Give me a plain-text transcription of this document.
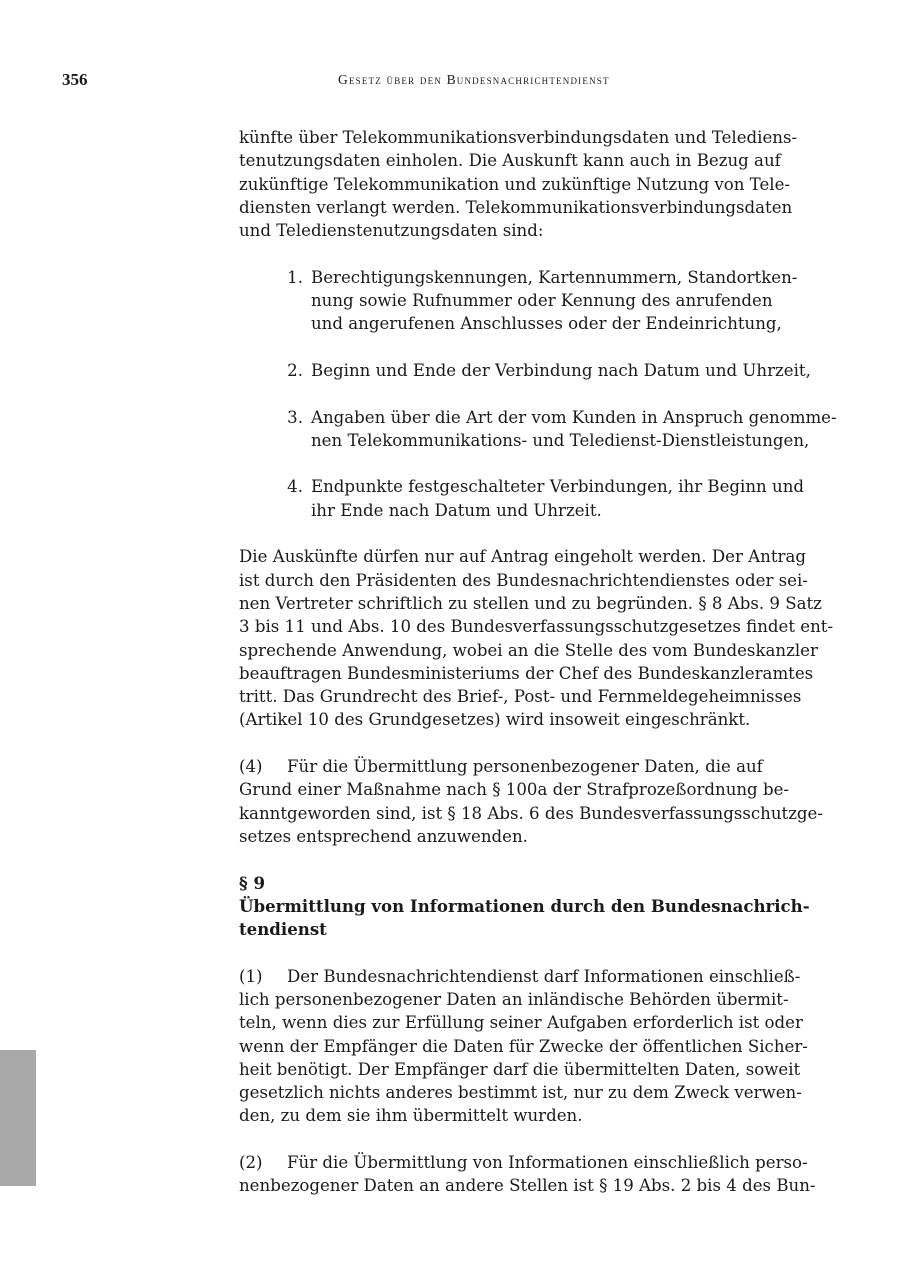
356	Gesetz über den Bundesnachrichtendienst
künfte über Telekommunikationsverbindungsdaten und Telediens-
tenutzungsdaten einholen. Die Auskunft kann auch in Bezug auf
zukünftige Telekommunikation und zukünftige Nutzung von Tele-
diensten verlangt werden. Telekommunikationsverbindungsdaten
und Teledienstenutzungsdaten sind:
1. Berechtigungskennungen, Kartennummern, Standortken-
nung sowie Rufnummer oder Kennung des anrufenden
und angerufenen Anschlusses oder der Endeinrichtung,
2. Beginn und Ende der Verbindung nach Datum und Uhrzeit,
3. Angaben über die Art der vom Kunden in Anspruch genomme-
nen Telekommunikations- und Teledienst-Dienstleistungen,
4. Endpunkte festgeschalteter Verbindungen, ihr Beginn und
ihr Ende nach Datum und Uhrzeit.
Die Auskünfte dürfen nur auf Antrag eingeholt werden. Der Antrag
ist durch den Präsidenten des Bundesnachrichtendienstes oder sei-
nen Vertreter schriftlich zu stellen und zu begründen. § 8 Abs. 9 Satz
3 bis 11 und Abs. 10 des Bundesverfassungsschutzgesetzes findet ent-
sprechende Anwendung, wobei an die Stelle des vom Bundeskanzler
beauftragen Bundesministeriums der Chef des Bundeskanzleramtes
tritt. Das Grundrecht des Brief-, Post- und Fernmeldegeheimnisses
(Artikel 10 des Grundgesetzes) wird insoweit eingeschränkt.
(4) Für die Übermittlung personenbezogener Daten, die auf
Grund einer Maßnahme nach § 100a der Strafprozeßordnung be-
kanntgeworden sind, ist § 18 Abs. 6 des Bundesverfassungsschutzge-
setzes entsprechend anzuwenden.
§ 9
Übermittlung von Informationen durch den Bundesnachrich-
tendienst
(1) Der Bundesnachrichtendienst darf Informationen einschließ-
lich personenbezogener Daten an inländische Behörden übermit-
teln, wenn dies zur Erfüllung seiner Aufgaben erforderlich ist oder
wenn der Empfänger die Daten für Zwecke der öffentlichen Sicher-
heit benötigt. Der Empfänger darf die übermittelten Daten, soweit
gesetzlich nichts anderes bestimmt ist, nur zu dem Zweck verwen-
den, zu dem sie ihm übermittelt wurden.
(2) Für die Übermittlung von Informationen einschließlich perso-
nenbezogener Daten an andere Stellen ist § 19 Abs. 2 bis 4 des Bun-
